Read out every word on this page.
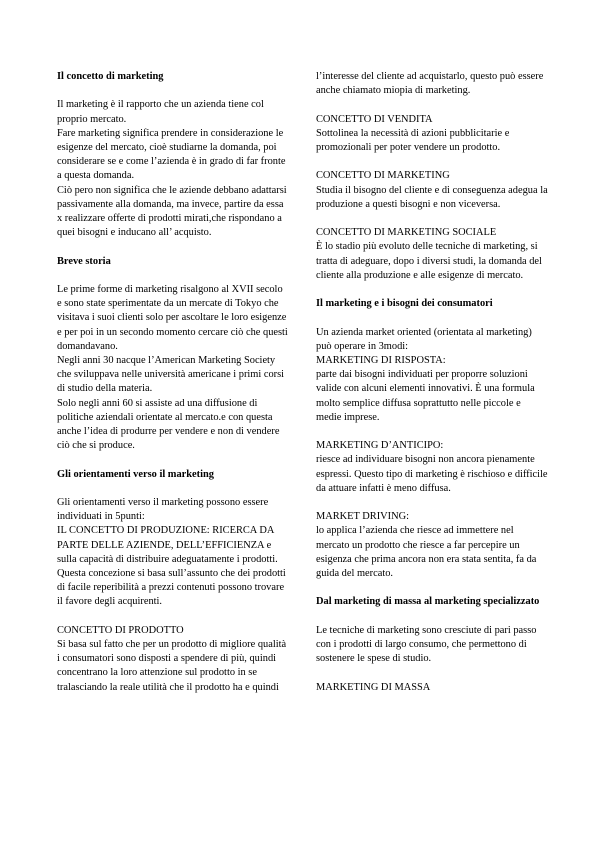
Il concetto di marketing

Il marketing è il rapporto che un azienda tiene col proprio mercato.
Fare marketing significa prendere in considerazione le esigenze del mercato, cioè studiarne la domanda, poi considerare se e come l’azienda è in grado di far fronte a questa domanda.
Ciò pero non significa che le aziende debbano adattarsi passivamente alla domanda, ma invece, partire da essa x realizzare offerte di prodotti mirati,che rispondano a quei bisogni e inducano all’ acquisto.

Breve storia

Le prime forme di marketing risalgono al XVII secolo e sono state sperimentate da un mercate di Tokyo che visitava i suoi clienti solo per ascoltare le loro esigenze e per poi in un secondo momento cercare ciò che questi domandavano.
Negli anni 30 nacque l’American Marketing Society che sviluppava nelle università americane i primi corsi di studio della materia.
Solo negli anni 60 si assiste ad una diffusione di politiche aziendali orientate al mercato.e con questa anche l’idea di produrre per vendere e non di vendere ciò che si produce.

Gli orientamenti verso il marketing

Gli orientamenti verso il marketing possono essere individuati in 5punti:
IL CONCETTO DI PRODUZIONE: RICERCA DA PARTE DELLE AZIENDE, DELL’EFFICIENZA e sulla capacità di distribuire adeguatamente i prodotti.
Questa concezione si basa sull’assunto che dei prodotti di facile reperibilità a prezzi contenuti possono trovare il favore degli acquirenti.

CONCETTO DI PRODOTTO
Si basa sul fatto che per un prodotto di migliore qualità i consumatori sono disposti a spendere di più, quindi concentrano la loro attenzione sul prodotto in se tralasciando la reale utilità che il prodotto ha e quindi

l’interesse del cliente ad acquistarlo, questo può essere anche chiamato miopia di marketing.

CONCETTO DI VENDITA
Sottolinea la necessità di azioni pubblicitarie e promozionali per poter vendere un prodotto.

CONCETTO DI MARKETING
Studia il bisogno del cliente e di conseguenza adegua la produzione a questi bisogni e non viceversa.

CONCETTO DI MARKETING SOCIALE
È lo stadio più evoluto delle tecniche di marketing, si tratta di adeguare, dopo i diversi studi, la domanda del cliente alla produzione e alle esigenze di mercato.

Il marketing e i bisogni dei consumatori

Un azienda market oriented (orientata al marketing) può operare in 3modi:
MARKETING DI RISPOSTA:
parte dai bisogni individuati per proporre soluzioni valide con alcuni elementi innovativi. È una formula molto semplice diffusa soprattutto nelle piccole e medie imprese.

MARKETING D’ANTICIPO:
riesce ad individuare bisogni non ancora pienamente espressi. Questo tipo di marketing è rischioso e difficile da attuare infatti è meno diffusa.

MARKET DRIVING:
lo applica l’azienda che riesce ad immettere nel mercato un prodotto che riesce a far percepire un esigenza che prima ancora non era stata sentita, fa da guida del mercato.

Dal marketing di massa al marketing specializzato

Le tecniche di marketing sono cresciute di pari passo con i prodotti di largo consumo, che permettono di sostenere le spese di studio.

MARKETING DI MASSA
